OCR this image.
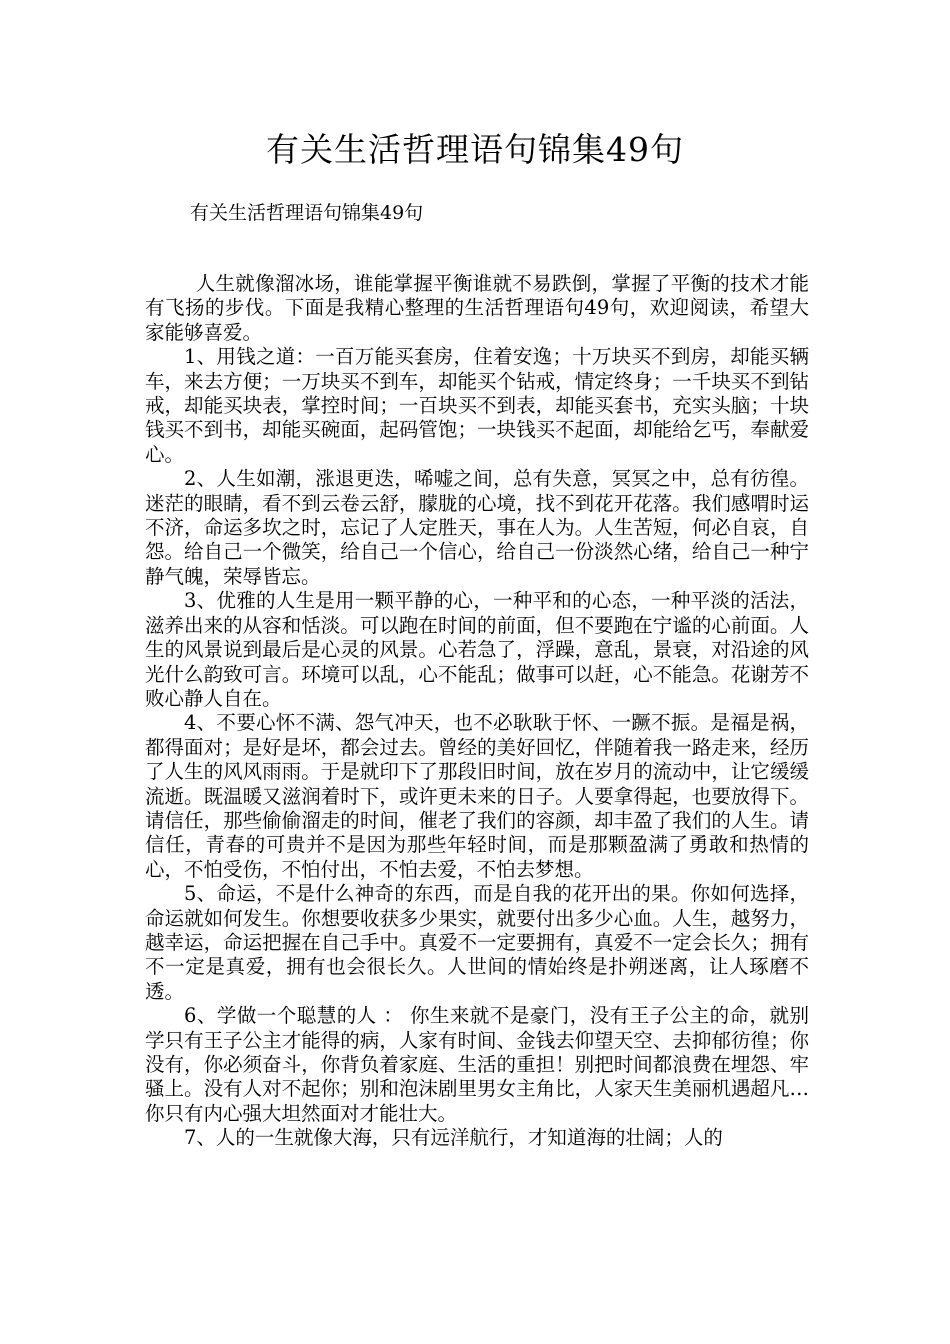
有关生活哲理语句锦集49句

有关生活哲理语句锦集49句

人生就像溜冰场，谁能掌握平衡谁就不易跌倒，掌握了平衡的技术才能有飞扬的步伐。下面是我精心整理的生活哲理语句49句，欢迎阅读，希望大家能够喜爱。

1、用钱之道：一百万能买套房，住着安逸；十万块买不到房，却能买辆车，来去方便；一万块买不到车，却能买个钻戒，情定终身；一千块买不到钻戒，却能买块表，掌控时间；一百块买不到表，却能买套书，充实头脑；十块钱买不到书，却能买碗面，起码管饱；一块钱买不起面，却能给乞丐，奉献爱心。

2、人生如潮，涨退更迭，唏嘘之间，总有失意，冥冥之中，总有彷徨。迷茫的眼睛，看不到云卷云舒，朦胧的心境，找不到花开花落。我们感喟时运不济，命运多坎之时，忘记了人定胜天，事在人为。人生苦短，何必自哀，自怨。给自己一个微笑，给自己一个信心，给自己一份淡然心绪，给自己一种宁静气魄，荣辱皆忘。

3、优雅的人生是用一颗平静的心，一种平和的心态，一种平淡的活法，滋养出来的从容和恬淡。可以跑在时间的前面，但不要跑在宁谧的心前面。人生的风景说到最后是心灵的风景。心若急了，浮躁，意乱，景衰，对沿途的风光什么韵致可言。环境可以乱，心不能乱；做事可以赶，心不能急。花谢芳不败心静人自在。

4、不要心怀不满、怨气冲天，也不必耿耿于怀、一蹶不振。是福是祸，都得面对；是好是坏，都会过去。曾经的美好回忆，伴随着我一路走来，经历了人生的风风雨雨。于是就印下了那段旧时间，放在岁月的流动中，让它缓缓流逝。既温暖又滋润着时下，或许更未来的日子。人要拿得起，也要放得下。请信任，那些偷偷溜走的时间，催老了我们的容颜，却丰盈了我们的人生。请信任，青春的可贵并不是因为那些年轻时间，而是那颗盈满了勇敢和热情的心，不怕受伤，不怕付出，不怕去爱，不怕去梦想。

5、命运，不是什么神奇的东西，而是自我的花开出的果。你如何选择，命运就如何发生。你想要收获多少果实，就要付出多少心血。人生，越努力，越幸运，命运把握在自己手中。真爱不一定要拥有，真爱不一定会长久；拥有不一定是真爱，拥有也会很长久。人世间的情始终是扑朔迷离，让人琢磨不透。

6、学做一个聪慧的人 ： 你生来就不是豪门，没有王子公主的命，就别学只有王子公主才能得的病，人家有时间、金钱去仰望天空、去抑郁彷徨；你没有，你必须奋斗，你背负着家庭、生活的重担！别把时间都浪费在埋怨、牢骚上。没有人对不起你；别和泡沫剧里男女主角比，人家天生美丽机遇超凡…你只有内心强大坦然面对才能壮大。

7、人的一生就像大海，只有远洋航行，才知道海的壮阔；人的
